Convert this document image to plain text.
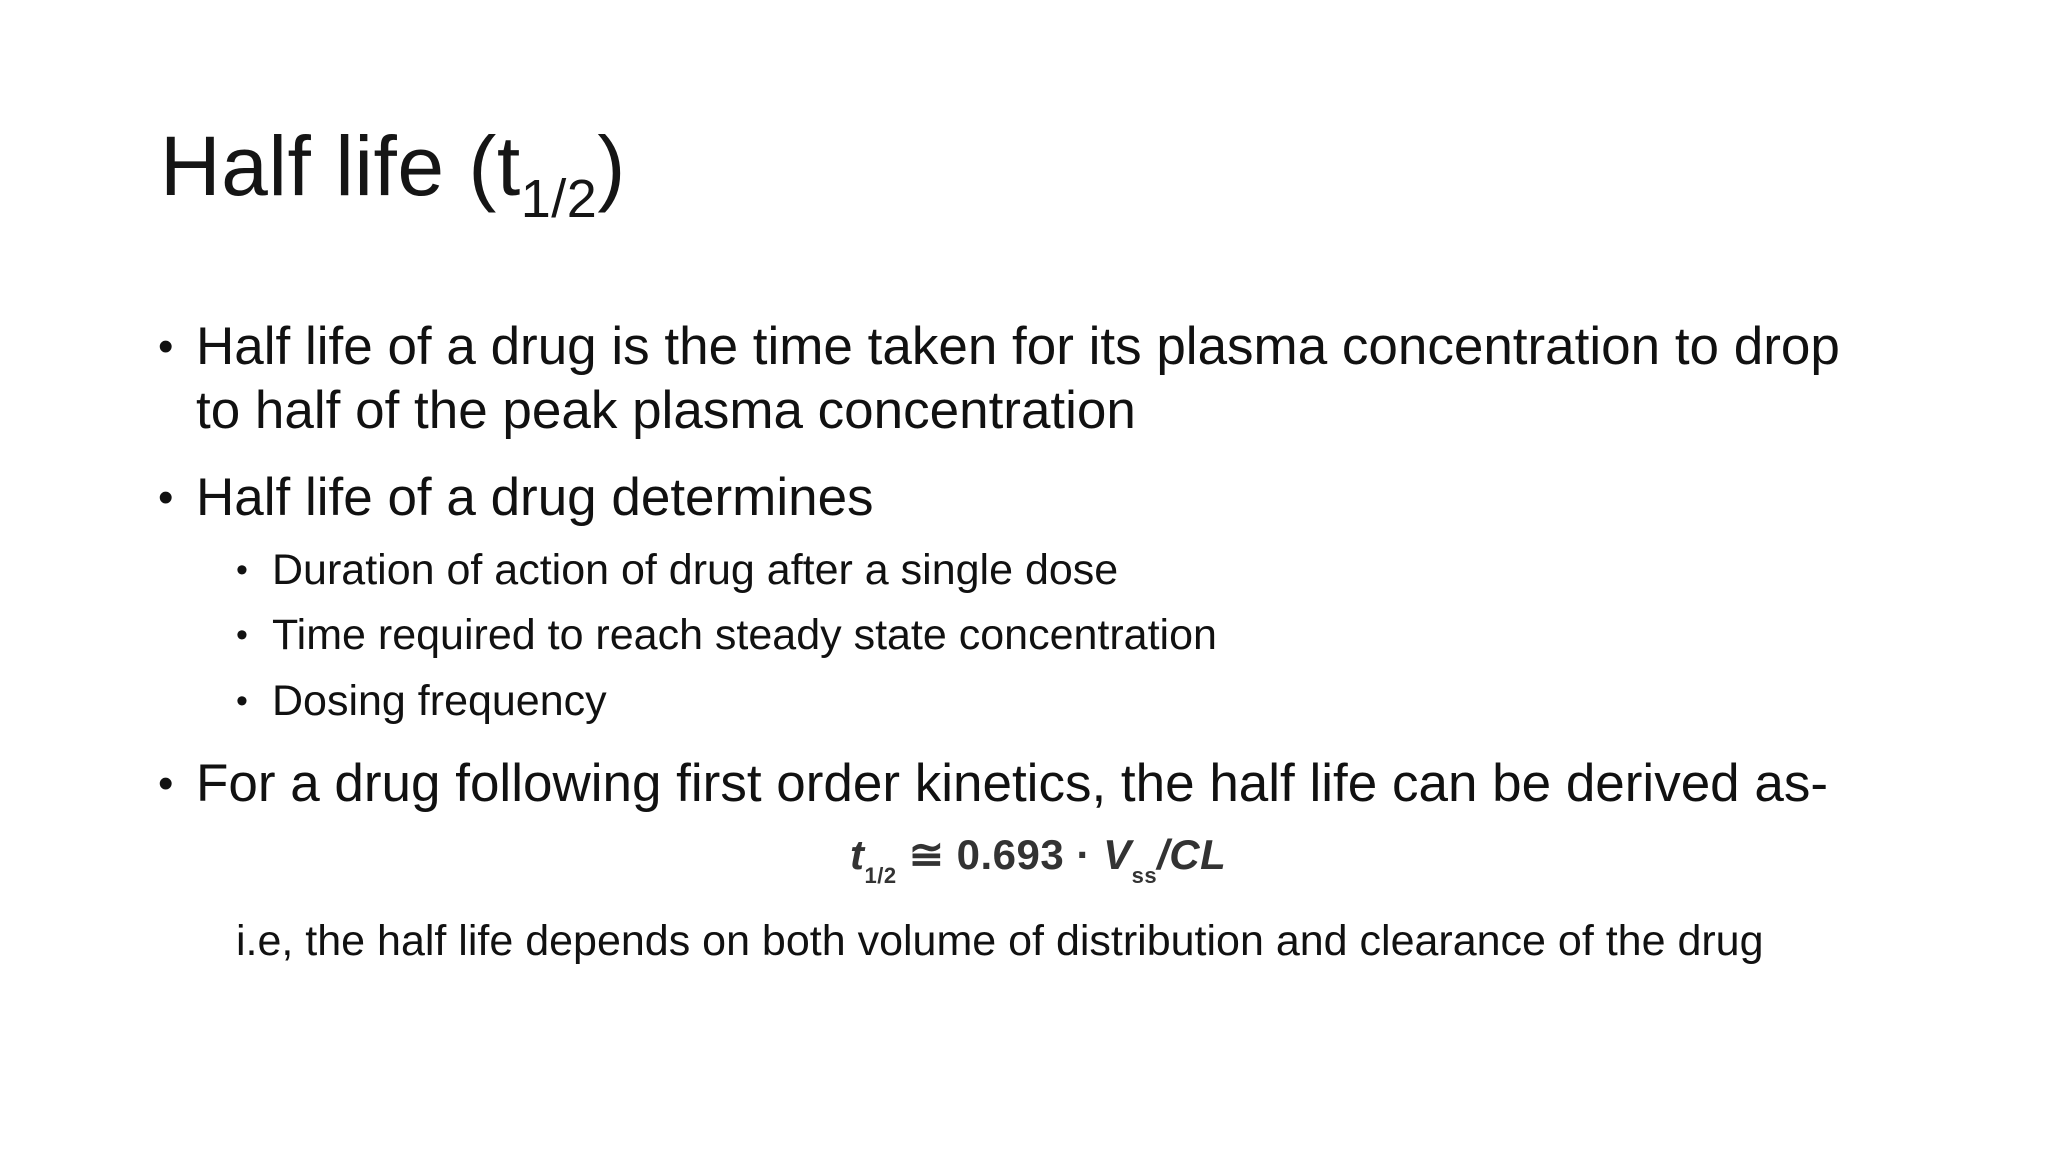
Half life $(t_{1/2})$
• Half life of a drug is the time taken for its plasma concentration to drop to half of the peak plasma concentration
• Half life of a drug determines
• Duration of action of drug after a single dose
• Time required to reach steady state concentration
• Dosing frequency
• For a drug following first order kinetics, the half life can be derived as-
$t_{1/2}$ ≅ $0.693 \cdot V_{ss}/CL$
i.e, the half life depends on both volume of distribution and clearance of the drug
